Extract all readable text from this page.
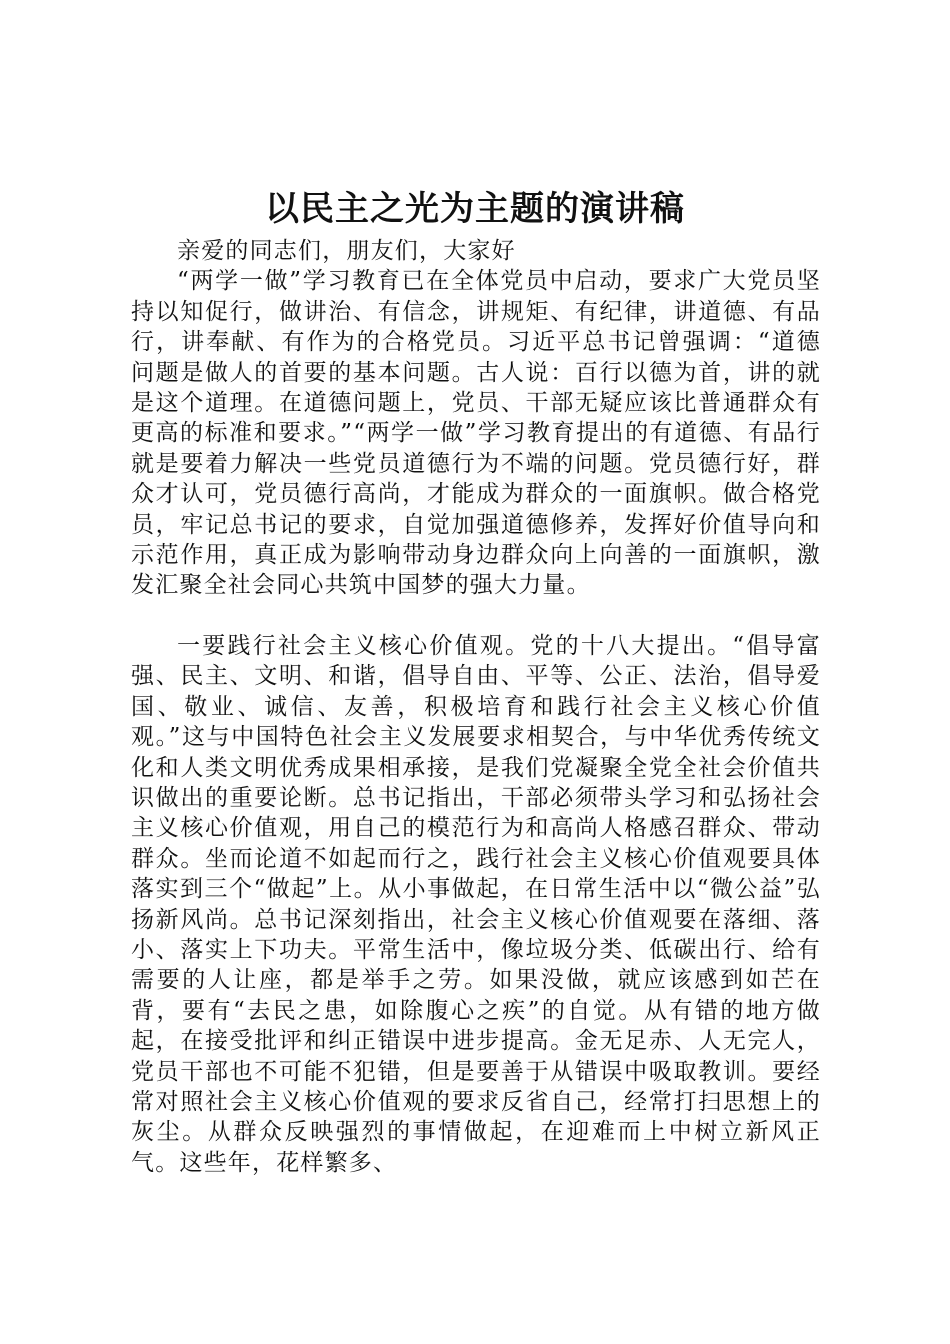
以民主之光为主题的演讲稿

亲爱的同志们，朋友们，大家好

“两学一做”学习教育已在全体党员中启动，要求广大党员坚持以知促行，做讲治、有信念，讲规矩、有纪律，讲道德、有品行，讲奉献、有作为的合格党员。习近平总书记曾强调：“道德问题是做人的首要的基本问题。古人说：百行以德为首，讲的就是这个道理。在道德问题上，党员、干部无疑应该比普通群众有更高的标准和要求。”“两学一做”学习教育提出的有道德、有品行就是要着力解决一些党员道德行为不端的问题。党员德行好，群众才认可，党员德行高尚，才能成为群众的一面旗帜。做合格党员，牢记总书记的要求，自觉加强道德修养，发挥好价值导向和示范作用，真正成为影响带动身边群众向上向善的一面旗帜，激发汇聚全社会同心共筑中国梦的强大力量。

一要践行社会主义核心价值观。党的十八大提出。“倡导富强、民主、文明、和谐，倡导自由、平等、公正、法治，倡导爱国、敬业、诚信、友善，积极培育和践行社会主义核心价值观。”这与中国特色社会主义发展要求相契合，与中华优秀传统文化和人类文明优秀成果相承接，是我们党凝聚全党全社会价值共识做出的重要论断。总书记指出，干部必须带头学习和弘扬社会主义核心价值观，用自己的模范行为和高尚人格感召群众、带动群众。坐而论道不如起而行之，践行社会主义核心价值观要具体落实到三个“做起”上。从小事做起，在日常生活中以“微公益”弘扬新风尚。总书记深刻指出，社会主义核心价值观要在落细、落小、落实上下功夫。平常生活中，像垃圾分类、低碳出行、给有需要的人让座，都是举手之劳。如果没做，就应该感到如芒在背，要有“去民之患，如除腹心之疾”的自觉。从有错的地方做起，在接受批评和纠正错误中进步提高。金无足赤、人无完人，党员干部也不可能不犯错，但是要善于从错误中吸取教训。要经常对照社会主义核心价值观的要求反省自己，经常打扫思想上的灰尘。从群众反映强烈的事情做起，在迎难而上中树立新风正气。这些年，花样繁多、
